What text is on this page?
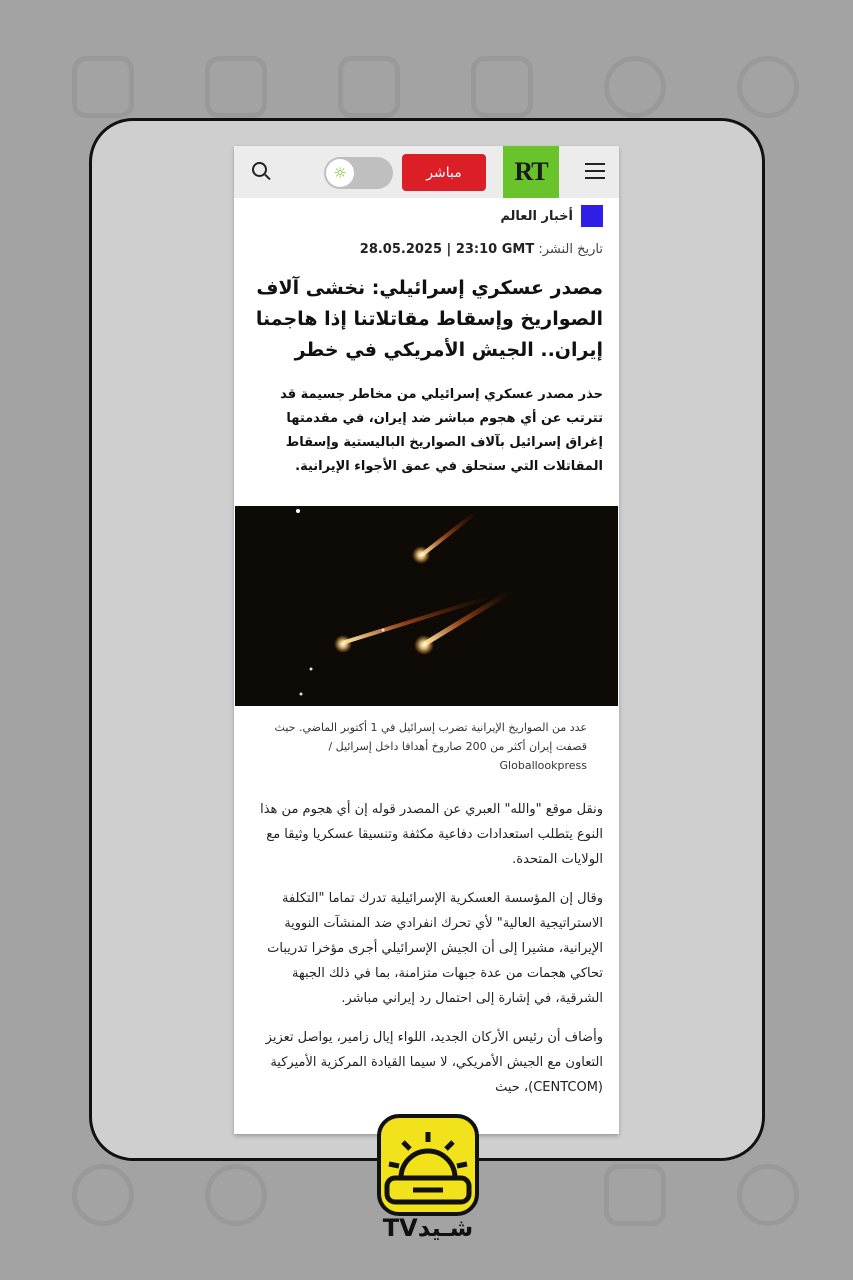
RT
مباشر
☼
أخبار العالم
تاريخ النشر: 28.05.2025 | 23:10 GMT
مصدر عسكري إسرائيلي: نخشى آلاف الصواريخ وإسقاط مقاتلاتنا إذا هاجمنا إيران.. الجيش الأمريكي في خطر

حذر مصدر عسكري إسرائيلي من مخاطر جسيمة قد تترتب عن أي هجوم مباشر ضد إيران، في مقدمتها إغراق إسرائيل بآلاف الصواريخ الباليستية وإسقاط المقاتلات التي ستحلق في عمق الأجواء الإيرانية.

عدد من الصواريخ الإيرانية تضرب إسرائيل في 1 أكتوبر الماضي. حيث قصفت إيران أكثر من 200 صاروخ أهدافا داخل إسرائيل / Globallookpress

ونقل موقع "والله" العبري عن المصدر قوله إن أي هجوم من هذا النوع يتطلب استعدادات دفاعية مكثفة وتنسيقا عسكريا وثيقا مع الولايات المتحدة.

وقال إن المؤسسة العسكرية الإسرائيلية تدرك تماما "التكلفة الاستراتيجية العالية" لأي تحرك انفرادي ضد المنشآت النووية الإيرانية، مشيرا إلى أن الجيش الإسرائيلي أجرى مؤخرا تدريبات تحاكي هجمات من عدة جبهات متزامنة، بما في ذلك الجبهة الشرقية، في إشارة إلى احتمال رد إيراني مباشر.

وأضاف أن رئيس الأركان الجديد، اللواء إيال زامير، يواصل تعزيز التعاون مع الجيش الأمريكي، لا سيما القيادة المركزية الأميركية (CENTCOM)، حيث

شـيدTV
